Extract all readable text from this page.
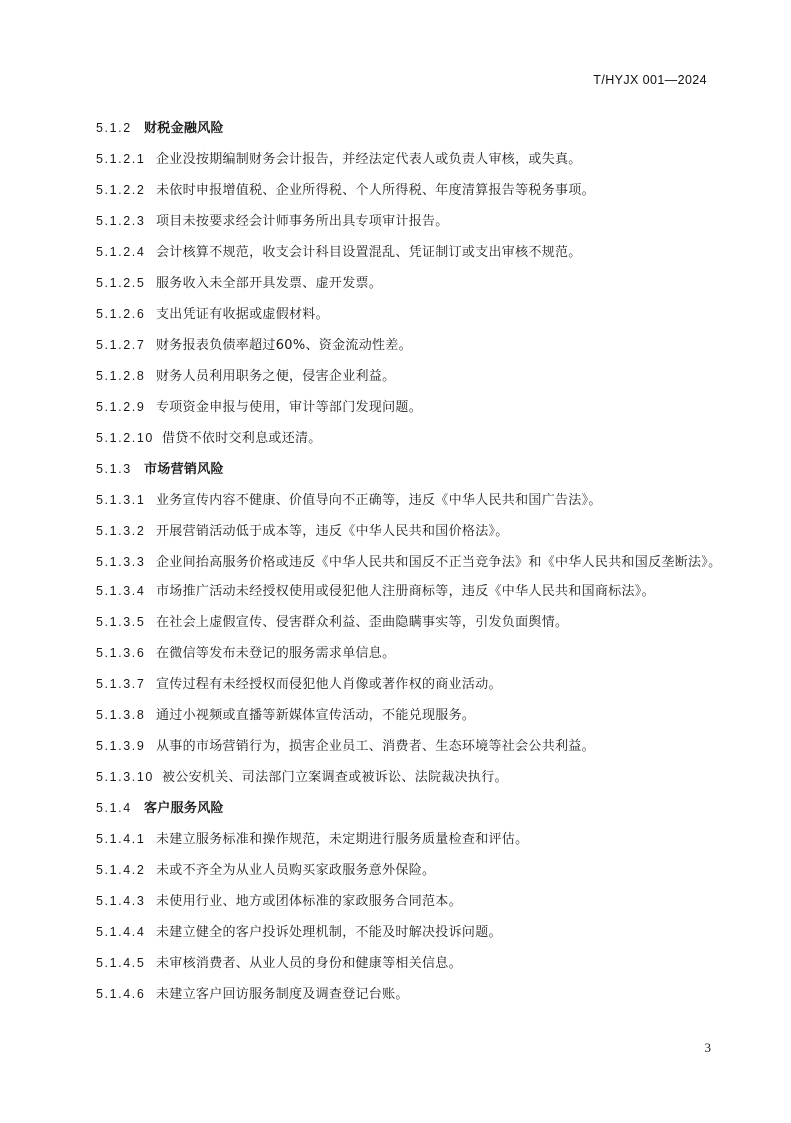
T/HYJX 001—2024
5.1.2 财税金融风险
5.1.2.1 企业没按期编制财务会计报告，并经法定代表人或负责人审核，或失真。
5.1.2.2 未依时申报增值税、企业所得税、个人所得税、年度清算报告等税务事项。
5.1.2.3 项目未按要求经会计师事务所出具专项审计报告。
5.1.2.4 会计核算不规范，收支会计科目设置混乱、凭证制订或支出审核不规范。
5.1.2.5 服务收入未全部开具发票、虚开发票。
5.1.2.6 支出凭证有收据或虚假材料。
5.1.2.7 财务报表负债率超过60%、资金流动性差。
5.1.2.8 财务人员利用职务之便，侵害企业利益。
5.1.2.9 专项资金申报与使用，审计等部门发现问题。
5.1.2.10 借贷不依时交利息或还清。
5.1.3 市场营销风险
5.1.3.1 业务宣传内容不健康、价值导向不正确等，违反《中华人民共和国广告法》。
5.1.3.2 开展营销活动低于成本等，违反《中华人民共和国价格法》。
5.1.3.3 企业间抬高服务价格或违反《中华人民共和国反不正当竞争法》和《中华人民共和国反垄断法》。
5.1.3.4 市场推广活动未经授权使用或侵犯他人注册商标等，违反《中华人民共和国商标法》。
5.1.3.5 在社会上虚假宣传、侵害群众利益、歪曲隐瞒事实等，引发负面舆情。
5.1.3.6 在微信等发布未登记的服务需求单信息。
5.1.3.7 宣传过程有未经授权而侵犯他人肖像或著作权的商业活动。
5.1.3.8 通过小视频或直播等新媒体宣传活动，不能兑现服务。
5.1.3.9 从事的市场营销行为，损害企业员工、消费者、生态环境等社会公共利益。
5.1.3.10 被公安机关、司法部门立案调查或被诉讼、法院裁决执行。
5.1.4 客户服务风险
5.1.4.1 未建立服务标准和操作规范，未定期进行服务质量检查和评估。
5.1.4.2 未或不齐全为从业人员购买家政服务意外保险。
5.1.4.3 未使用行业、地方或团体标准的家政服务合同范本。
5.1.4.4 未建立健全的客户投诉处理机制，不能及时解决投诉问题。
5.1.4.5 未审核消费者、从业人员的身份和健康等相关信息。
5.1.4.6 未建立客户回访服务制度及调查登记台账。
3
